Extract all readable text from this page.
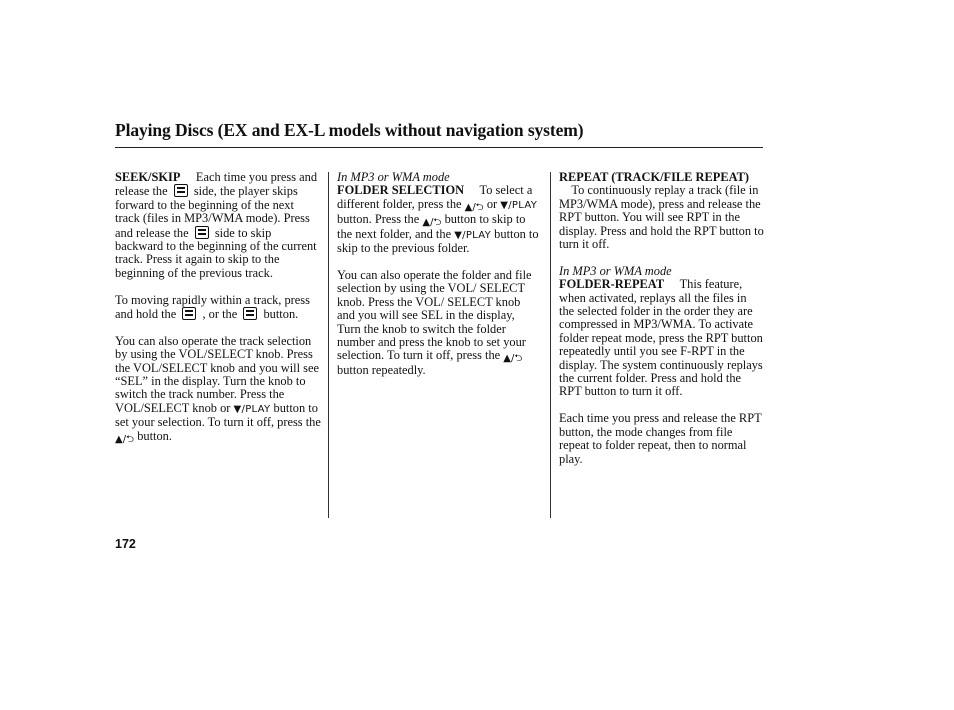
Playing Discs (EX and EX-L models without navigation system)

SEEK/SKIP Each time you press and release the side, the player skips forward to the beginning of the next track (files in MP3/WMA mode). Press and release the side to skip backward to the beginning of the current track. Press it again to skip to the beginning of the previous track.

To moving rapidly within a track, press and hold the , or the button.

You can also operate the track selection by using the VOL/SELECT knob. Press the VOL/SELECT knob and you will see “SEL” in the display. Turn the knob to switch the track number. Press the VOL/SELECT knob or ▼/PLAY button to set your selection. To turn it off, press the ▲/⮌ button.

In MP3 or WMA mode

FOLDER SELECTION To select a different folder, press the ▲/⮌ or ▼/PLAY button. Press the ▲/⮌ button to skip to the next folder, and the ▼/PLAY button to skip to the previous folder.

You can also operate the folder and file selection by using the VOL/ SELECT knob. Press the VOL/ SELECT knob and you will see SEL in the display, Turn the knob to switch the folder number and press the knob to set your selection. To turn it off, press the ▲/⮌ button repeatedly.

REPEAT (TRACK/FILE REPEAT)     To continuously replay a track (file in MP3/WMA mode), press and release the RPT button. You will see RPT in the display. Press and hold the RPT button to turn it off.

In MP3 or WMA mode

FOLDER-REPEAT This feature, when activated, replays all the files in the selected folder in the order they are compressed in MP3/WMA. To activate folder repeat mode, press the RPT button repeatedly until you see F-RPT in the display. The system continuously replays the current folder. Press and hold the RPT button to turn it off.

Each time you press and release the RPT button, the mode changes from file repeat to folder repeat, then to normal play.

172
